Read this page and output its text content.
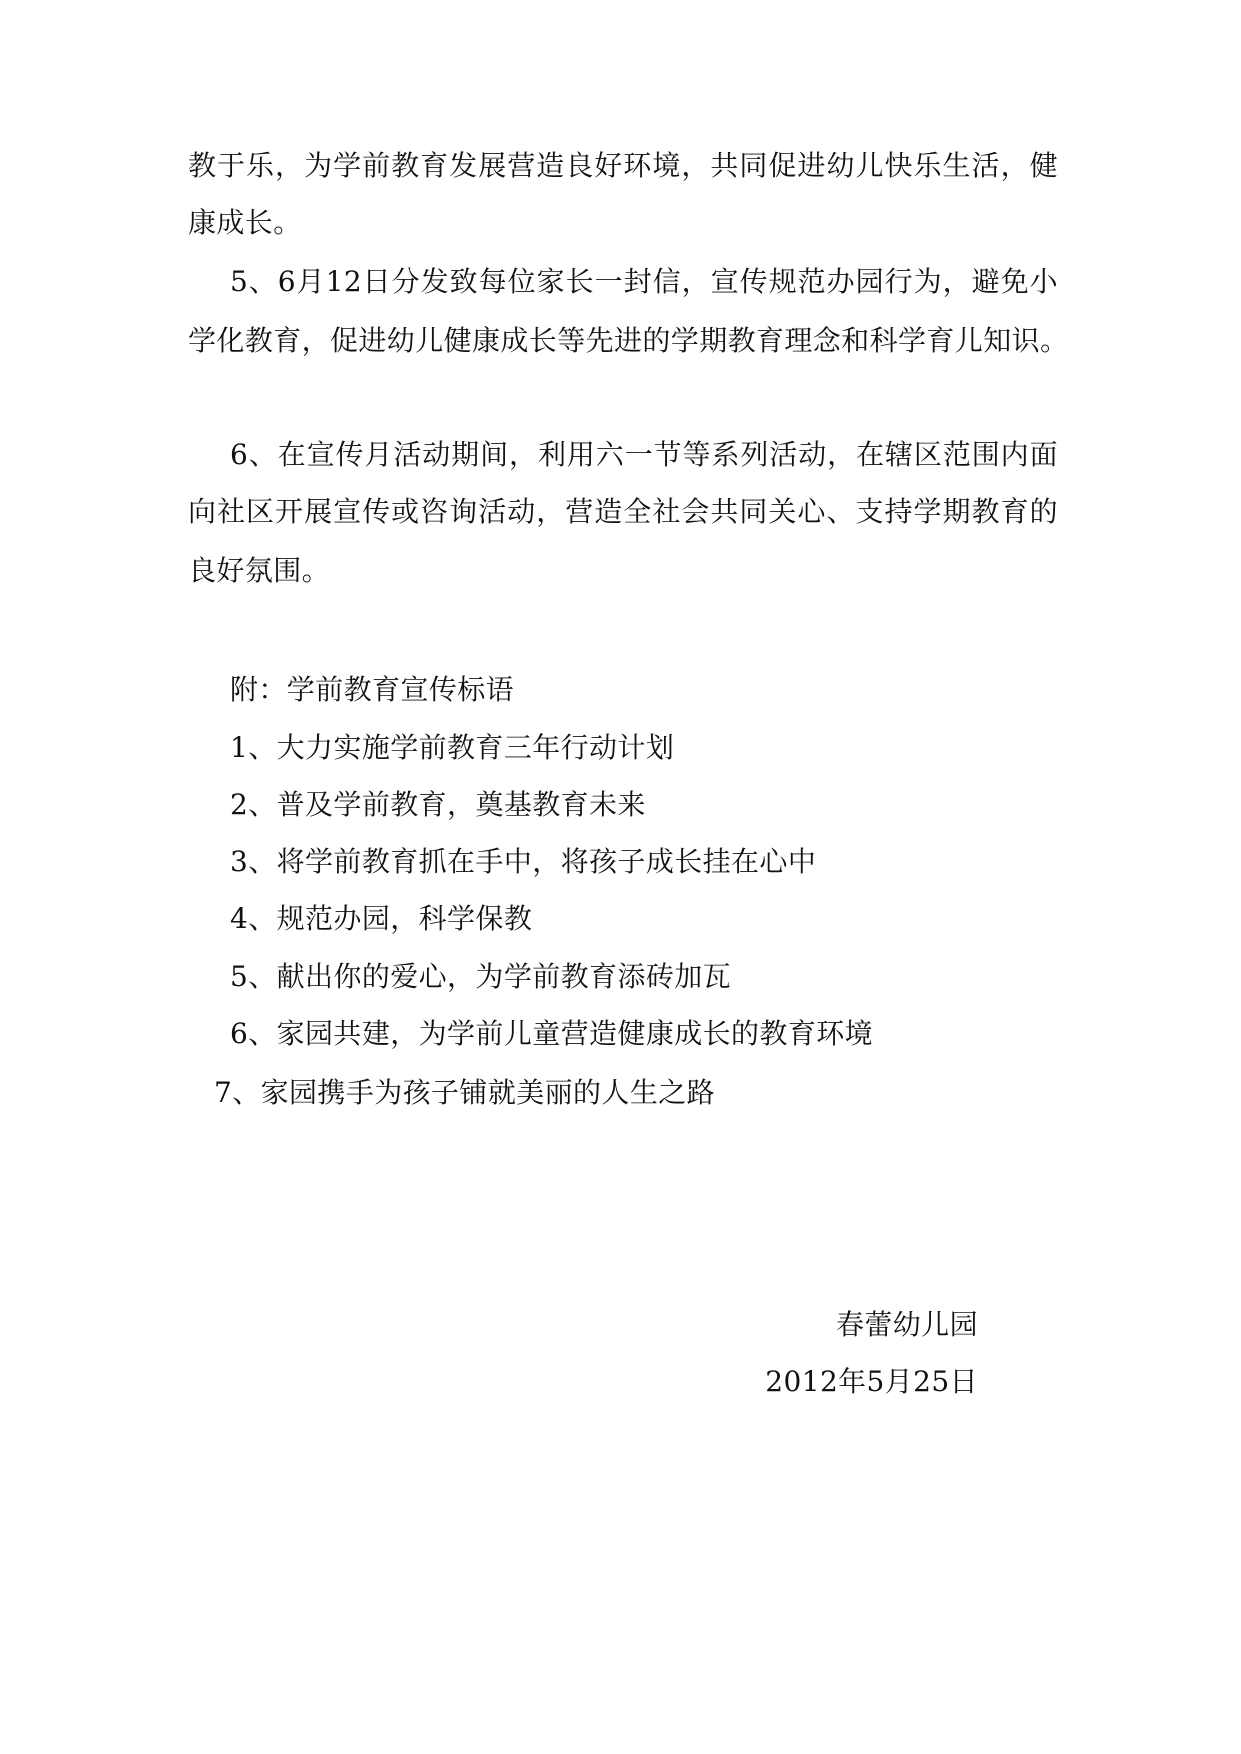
教于乐，为学前教育发展营造良好环境，共同促进幼儿快乐生活，健
康成长。
5、6月12日分发致每位家长一封信，宣传规范办园行为，避免小
学化教育，促进幼儿健康成长等先进的学期教育理念和科学育儿知识。
6、在宣传月活动期间，利用六一节等系列活动，在辖区范围内面
向社区开展宣传或咨询活动，营造全社会共同关心、支持学期教育的
良好氛围。
附：学前教育宣传标语
1、大力实施学前教育三年行动计划
2、普及学前教育，奠基教育未来
3、将学前教育抓在手中，将孩子成长挂在心中
4、规范办园，科学保教
5、献出你的爱心，为学前教育添砖加瓦
6、家园共建，为学前儿童营造健康成长的教育环境
7、家园携手为孩子铺就美丽的人生之路
春蕾幼儿园
2012年5月25日
